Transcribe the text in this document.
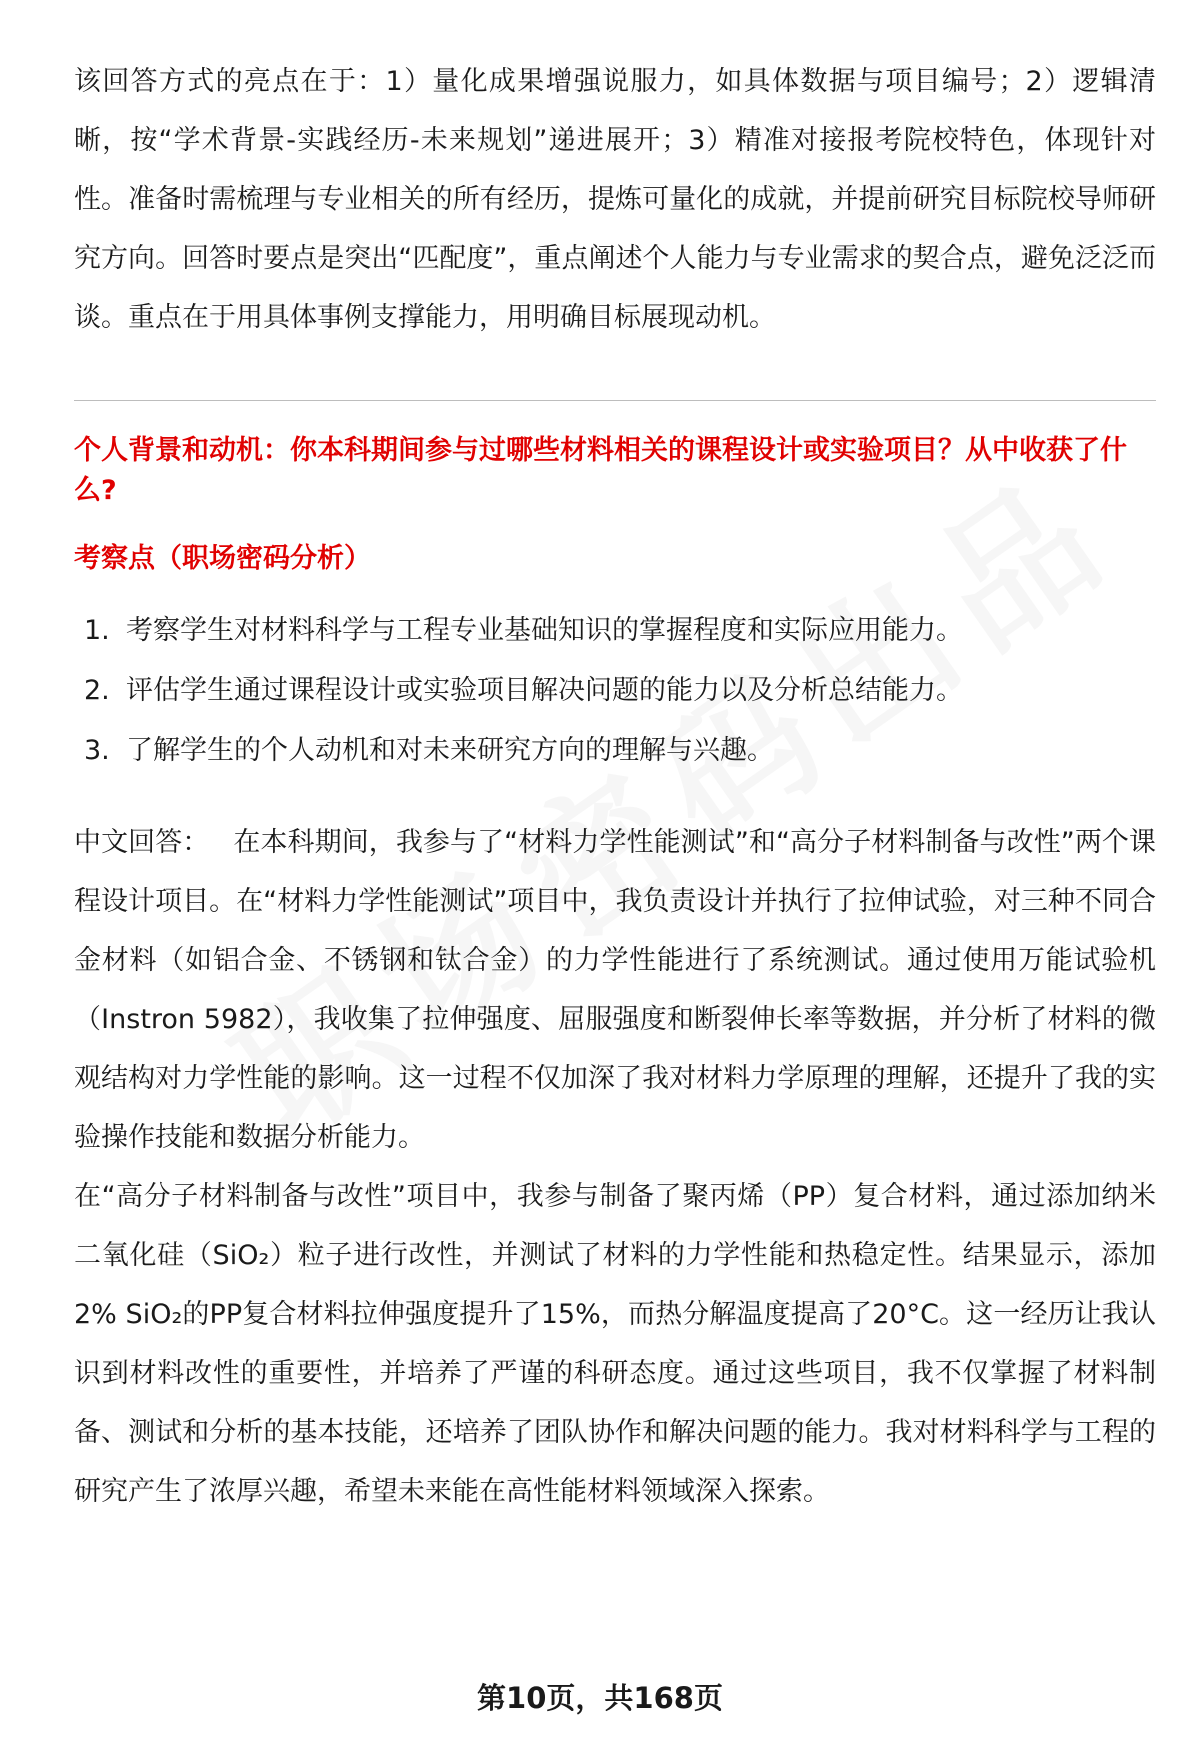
该回答方式的亮点在于：1）量化成果增强说服力，如具体数据与项目编号；2）逻辑清晰，按“学术背景-实践经历-未来规划”递进展开；3）精准对接报考院校特色，体现针对性。准备时需梳理与专业相关的所有经历，提炼可量化的成就，并提前研究目标院校导师研究方向。回答时要点是突出“匹配度”，重点阐述个人能力与专业需求的契合点，避免泛泛而谈。重点在于用具体事例支撑能力，用明确目标展现动机。

个人背景和动机：你本科期间参与过哪些材料相关的课程设计或实验项目？从中收获了什么?

考察点（职场密码分析）

1. 考察学生对材料科学与工程专业基础知识的掌握程度和实际应用能力。
2. 评估学生通过课程设计或实验项目解决问题的能力以及分析总结能力。
3. 了解学生的个人动机和对未来研究方向的理解与兴趣。

中文回答： 在本科期间，我参与了“材料力学性能测试”和“高分子材料制备与改性”两个课程设计项目。在“材料力学性能测试”项目中，我负责设计并执行了拉伸试验，对三种不同合金材料（如铝合金、不锈钢和钛合金）的力学性能进行了系统测试。通过使用万能试验机（Instron 5982），我收集了拉伸强度、屈服强度和断裂伸长率等数据，并分析了材料的微观结构对力学性能的影响。这一过程不仅加深了我对材料力学原理的理解，还提升了我的实验操作技能和数据分析能力。

在“高分子材料制备与改性”项目中，我参与制备了聚丙烯（PP）复合材料，通过添加纳米二氧化硅（SiO₂）粒子进行改性，并测试了材料的力学性能和热稳定性。结果显示，添加2% SiO₂的PP复合材料拉伸强度提升了15%，而热分解温度提高了20°C。这一经历让我认识到材料改性的重要性，并培养了严谨的科研态度。通过这些项目，我不仅掌握了材料制备、测试和分析的基本技能，还培养了团队协作和解决问题的能力。我对材料科学与工程的研究产生了浓厚兴趣，希望未来能在高性能材料领域深入探索。

第10页，共168页
